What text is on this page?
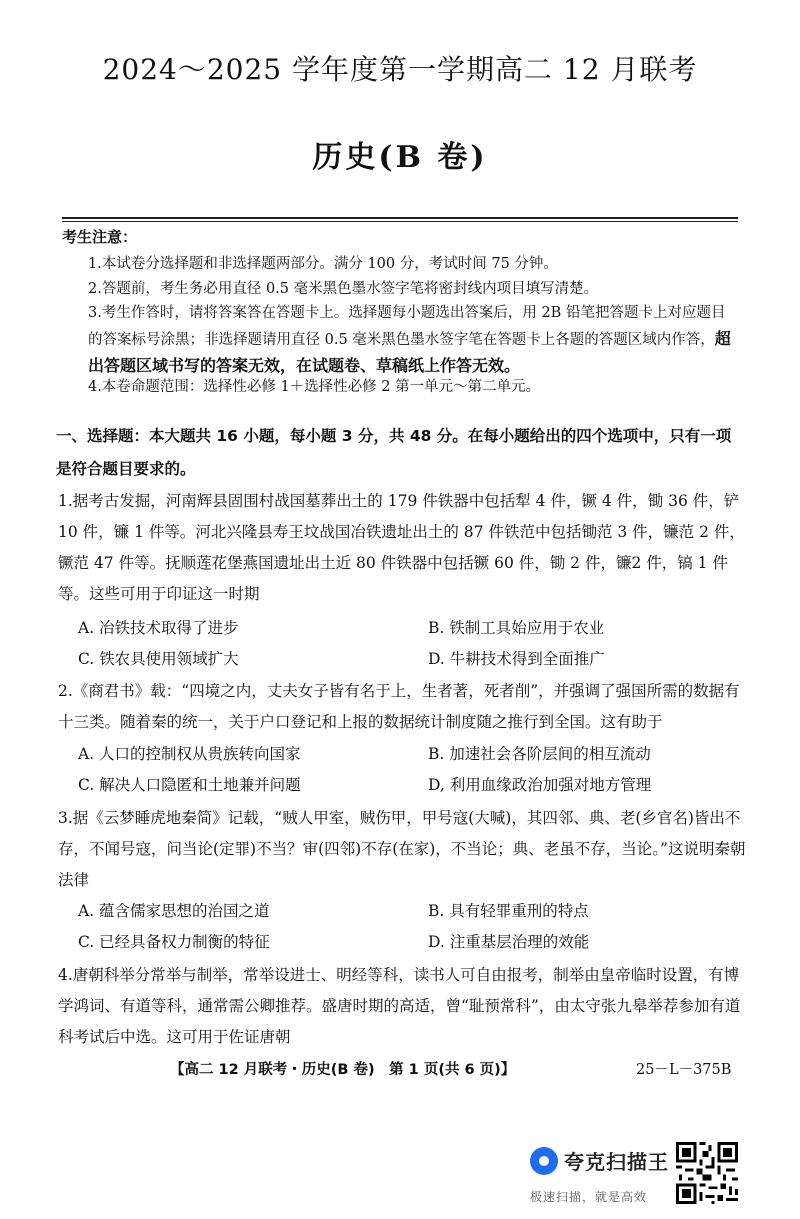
2024～2025 学年度第一学期高二 12 月联考
历史(B 卷)
考生注意：
1.本试卷分选择题和非选择题两部分。满分 100 分，考试时间 75 分钟。
2.答题前，考生务必用直径 0.5 毫米黑色墨水签字笔将密封线内项目填写清楚。
3.考生作答时，请将答案答在答题卡上。选择题每小题选出答案后，用 2B 铅笔把答题卡上对应题目的答案标号涂黑；非选择题请用直径 0.5 毫米黑色墨水签字笔在答题卡上各题的答题区域内作答，超出答题区域书写的答案无效，在试题卷、草稿纸上作答无效。
4.本卷命题范围：选择性必修 1＋选择性必修 2 第一单元～第二单元。
一、选择题：本大题共 16 小题，每小题 3 分，共 48 分。在每小题给出的四个选项中，只有一项是符合题目要求的。
1.据考古发掘，河南辉县固围村战国墓葬出土的 179 件铁器中包括犁 4 件，镢 4 件，锄 36 件，铲 10 件，镰 1 件等。河北兴隆县寿王坟战国冶铁遗址出土的 87 件铁范中包括锄范 3 件，镰范 2 件，镢范 47 件等。抚顺莲花堡燕国遗址出土近 80 件铁器中包括镢 60 件，锄 2 件，镰2 件，镐 1 件等。这些可用于印证这一时期
A. 冶铁技术取得了进步	B. 铁制工具始应用于农业
C. 铁农具使用领域扩大	D. 牛耕技术得到全面推广
2.《商君书》载：“四境之内，丈夫女子皆有名于上，生者著，死者削”，并强调了强国所需的数据有十三类。随着秦的统一，关于户口登记和上报的数据统计制度随之推行到全国。这有助于
A. 人口的控制权从贵族转向国家	B. 加速社会各阶层间的相互流动
C. 解决人口隐匿和土地兼并问题	D, 利用血缘政治加强对地方管理
3.据《云梦睡虎地秦简》记载，“贼人甲室，贼伤甲，甲号寇(大喊)，其四邻、典、老(乡官名)皆出不存，不闻号寇，问当论(定罪)不当？审(四邻)不存(在家)，不当论；典、老虽不存，当论。”这说明秦朝法律
A. 蕴含儒家思想的治国之道	B. 具有轻罪重刑的特点
C. 已经具备权力制衡的特征	D. 注重基层治理的效能
4.唐朝科举分常举与制举，常举设进士、明经等科，读书人可自由报考，制举由皇帝临时设置，有博学鸿词、有道等科，通常需公卿推荐。盛唐时期的高适，曾“耻预常科”，由太守张九皋举荐参加有道科考试后中选。这可用于佐证唐朝
【高二 12 月联考・历史(B 卷)　第 1 页(共 6 页)】	25－L－375B
夸克扫描王
极速扫描，就是高效
